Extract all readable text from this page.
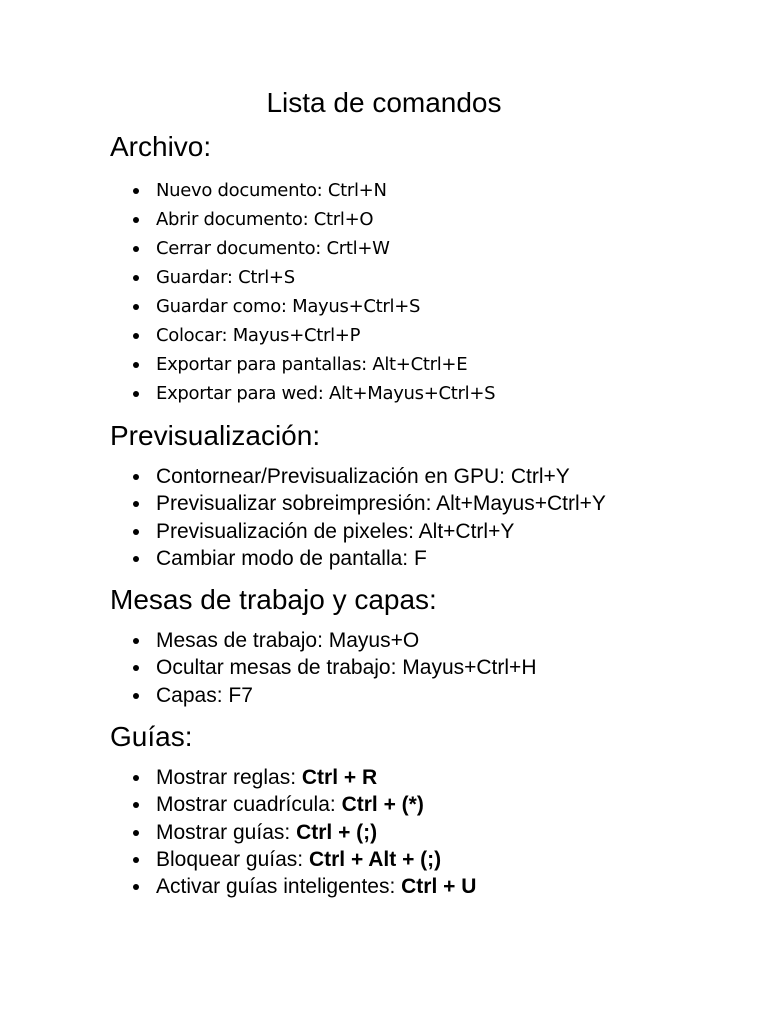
Lista de comandos
Archivo:
Nuevo documento: Ctrl+N
Abrir documento: Ctrl+O
Cerrar documento: Crtl+W
Guardar: Ctrl+S
Guardar como: Mayus+Ctrl+S
Colocar: Mayus+Ctrl+P
Exportar para pantallas: Alt+Ctrl+E
Exportar para wed: Alt+Mayus+Ctrl+S
Previsualización:
Contornear/Previsualización en GPU: Ctrl+Y
Previsualizar sobreimpresión: Alt+Mayus+Ctrl+Y
Previsualización de pixeles: Alt+Ctrl+Y
Cambiar modo de pantalla: F
Mesas de trabajo y capas:
Mesas de trabajo: Mayus+O
Ocultar mesas de trabajo: Mayus+Ctrl+H
Capas: F7
Guías:
Mostrar reglas: Ctrl + R
Mostrar cuadrícula: Ctrl + (*)
Mostrar guías: Ctrl + (;)
Bloquear guías: Ctrl + Alt + (;)
Activar guías inteligentes: Ctrl + U
